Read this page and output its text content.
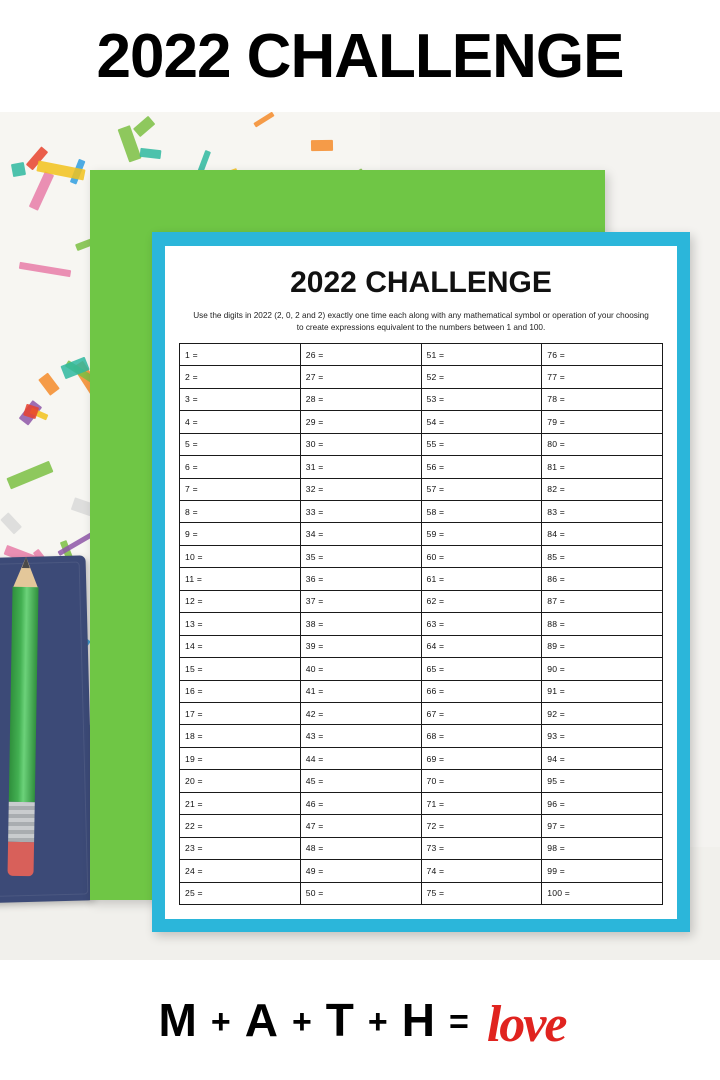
2022 CHALLENGE
2022 CHALLENGE
Use the digits in 2022 (2, 0, 2 and 2) exactly one time each along with any mathematical symbol or operation of your choosing to create expressions equivalent to the numbers between 1 and 100.
1 =
2 =
3 =
4 =
5 =
6 =
7 =
8 =
9 =
10 =
11 =
12 =
13 =
14 =
15 =
16 =
17 =
18 =
19 =
20 =
21 =
22 =
23 =
24 =
25 =
26 =
27 =
28 =
29 =
30 =
31 =
32 =
33 =
34 =
35 =
36 =
37 =
38 =
39 =
40 =
41 =
42 =
43 =
44 =
45 =
46 =
47 =
48 =
49 =
50 =
51 =
52 =
53 =
54 =
55 =
56 =
57 =
58 =
59 =
60 =
61 =
62 =
63 =
64 =
65 =
66 =
67 =
68 =
69 =
70 =
71 =
72 =
73 =
74 =
75 =
76 =
77 =
78 =
79 =
80 =
81 =
82 =
83 =
84 =
85 =
86 =
87 =
88 =
89 =
90 =
91 =
92 =
93 =
94 =
95 =
96 =
97 =
98 =
99 =
100 =
M + A + T + H = love
